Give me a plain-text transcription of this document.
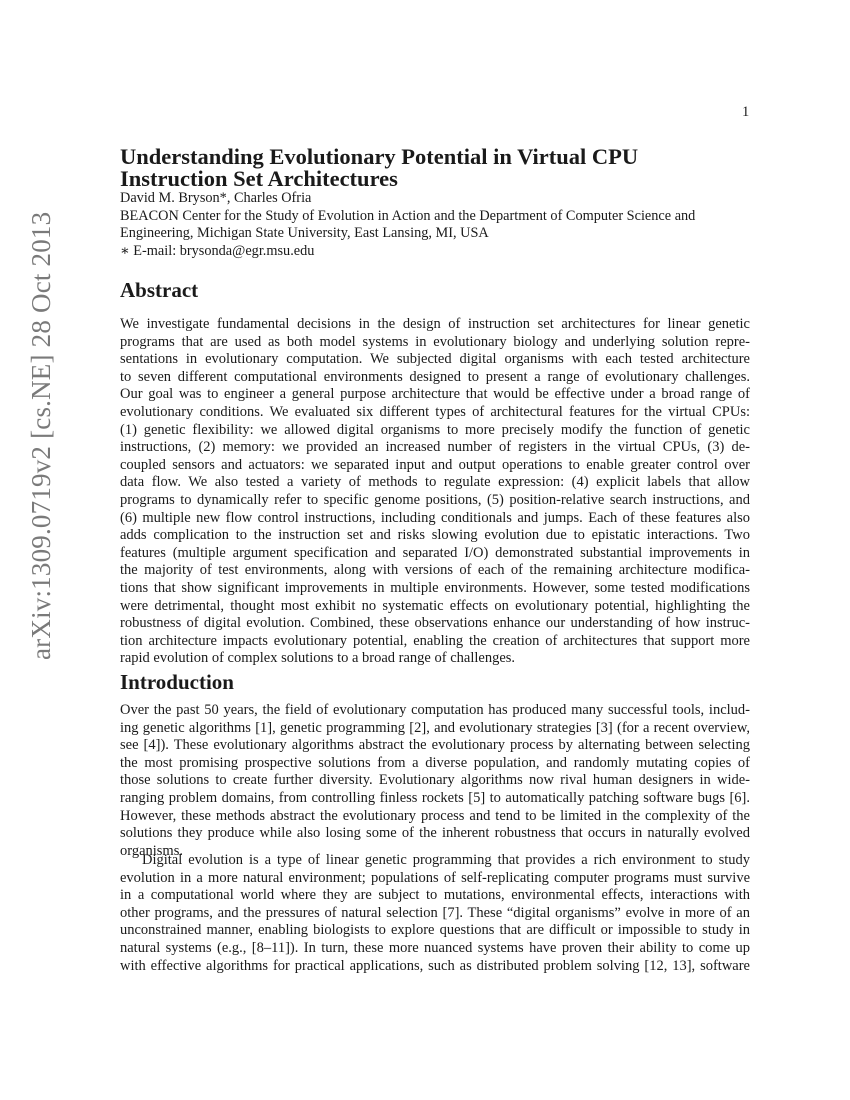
1
arXiv:1309.0719v2 [cs.NE] 28 Oct 2013
Understanding Evolutionary Potential in Virtual CPU
Instruction Set Architectures
David M. Bryson*, Charles Ofria
BEACON Center for the Study of Evolution in Action and the Department of Computer Science and
Engineering, Michigan State University, East Lansing, MI, USA
∗ E-mail: brysonda@egr.msu.edu
Abstract
We investigate fundamental decisions in the design of instruction set architectures for linear genetic
programs that are used as both model systems in evolutionary biology and underlying solution repre-
sentations in evolutionary computation. We subjected digital organisms with each tested architecture
to seven different computational environments designed to present a range of evolutionary challenges.
Our goal was to engineer a general purpose architecture that would be effective under a broad range of
evolutionary conditions. We evaluated six different types of architectural features for the virtual CPUs:
(1) genetic flexibility: we allowed digital organisms to more precisely modify the function of genetic
instructions, (2) memory: we provided an increased number of registers in the virtual CPUs, (3) de-
coupled sensors and actuators: we separated input and output operations to enable greater control over
data flow. We also tested a variety of methods to regulate expression: (4) explicit labels that allow
programs to dynamically refer to specific genome positions, (5) position-relative search instructions, and
(6) multiple new flow control instructions, including conditionals and jumps. Each of these features also
adds complication to the instruction set and risks slowing evolution due to epistatic interactions. Two
features (multiple argument specification and separated I/O) demonstrated substantial improvements in
the majority of test environments, along with versions of each of the remaining architecture modifica-
tions that show significant improvements in multiple environments. However, some tested modifications
were detrimental, thought most exhibit no systematic effects on evolutionary potential, highlighting the
robustness of digital evolution. Combined, these observations enhance our understanding of how instruc-
tion architecture impacts evolutionary potential, enabling the creation of architectures that support more
rapid evolution of complex solutions to a broad range of challenges.
Introduction
Over the past 50 years, the field of evolutionary computation has produced many successful tools, includ-
ing genetic algorithms [1], genetic programming [2], and evolutionary strategies [3] (for a recent overview,
see [4]). These evolutionary algorithms abstract the evolutionary process by alternating between selecting
the most promising prospective solutions from a diverse population, and randomly mutating copies of
those solutions to create further diversity. Evolutionary algorithms now rival human designers in wide-
ranging problem domains, from controlling finless rockets [5] to automatically patching software bugs [6].
However, these methods abstract the evolutionary process and tend to be limited in the complexity of the
solutions they produce while also losing some of the inherent robustness that occurs in naturally evolved
organisms.
Digital evolution is a type of linear genetic programming that provides a rich environment to study
evolution in a more natural environment; populations of self-replicating computer programs must survive
in a computational world where they are subject to mutations, environmental effects, interactions with
other programs, and the pressures of natural selection [7]. These “digital organisms” evolve in more of an
unconstrained manner, enabling biologists to explore questions that are difficult or impossible to study in
natural systems (e.g., [8–11]). In turn, these more nuanced systems have proven their ability to come up
with effective algorithms for practical applications, such as distributed problem solving [12, 13], software
